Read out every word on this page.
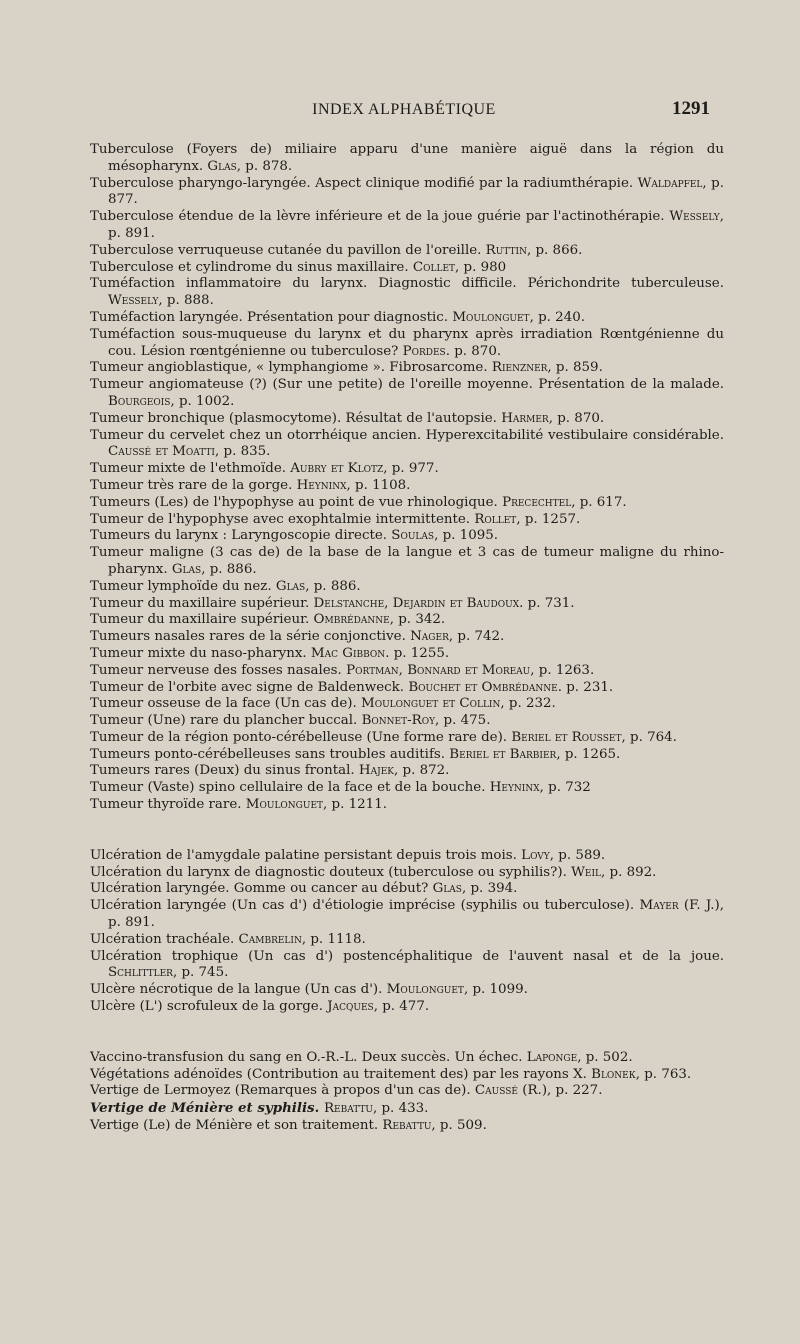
INDEX ALPHABÉTIQUE	1291

Tuberculose (Foyers de) miliaire apparu d'une manière aiguë dans la région du mésopharynx. Glas, p. 878.

Tuberculose pharyngo-laryngée. Aspect clinique modifié par la radiumthérapie. Waldapfel, p. 877.

Tuberculose étendue de la lèvre inférieure et de la joue guérie par l'actinothérapie. Wessely, p. 891.

Tuberculose verruqueuse cutanée du pavillon de l'oreille. Ruttin, p. 866.

Tuberculose et cylindrome du sinus maxillaire. Collet, p. 980

Tuméfaction inflammatoire du larynx. Diagnostic difficile. Périchondrite tuberculeuse. Wessely, p. 888.

Tuméfaction laryngée. Présentation pour diagnostic. Moulonguet, p. 240.

Tuméfaction sous-muqueuse du larynx et du pharynx après irradiation Rœntgénienne du cou. Lésion rœntgénienne ou tuberculose? Pordes. p. 870.

Tumeur angioblastique, « lymphangiome ». Fibrosarcome. Rienzner, p. 859.

Tumeur angiomateuse (?) (Sur une petite) de l'oreille moyenne. Présentation de la malade. Bourgeois, p. 1002.

Tumeur bronchique (plasmocytome). Résultat de l'autopsie. Harmer, p. 870.

Tumeur du cervelet chez un otorrhéique ancien. Hyperexcitabilité vestibulaire considérable. Caussé et Moatti, p. 835.

Tumeur mixte de l'ethmoïde. Aubry et Klotz, p. 977.

Tumeur très rare de la gorge. Heyninx, p. 1108.

Tumeurs (Les) de l'hypophyse au point de vue rhinologique. Precechtel, p. 617.

Tumeur de l'hypophyse avec exophtalmie intermittente. Rollet, p. 1257.

Tumeurs du larynx : Laryngoscopie directe. Soulas, p. 1095.

Tumeur maligne (3 cas de) de la base de la langue et 3 cas de tumeur maligne du rhino-pharynx. Glas, p. 886.

Tumeur lymphoïde du nez. Glas, p. 886.

Tumeur du maxillaire supérieur. Delstanche, Dejardin et Baudoux. p. 731.

Tumeur du maxillaire supérieur. Ombrédanne, p. 342.

Tumeurs nasales rares de la série conjonctive. Nager, p. 742.

Tumeur mixte du naso-pharynx. Mac Gibbon. p. 1255.

Tumeur nerveuse des fosses nasales. Portman, Bonnard et Moreau, p. 1263.

Tumeur de l'orbite avec signe de Baldenweck. Bouchet et Ombrédanne. p. 231.

Tumeur osseuse de la face (Un cas de). Moulonguet et Collin, p. 232.

Tumeur (Une) rare du plancher buccal. Bonnet-Roy, p. 475.

Tumeur de la région ponto-cérébelleuse (Une forme rare de). Beriel et Rousset, p. 764.

Tumeurs ponto-cérébelleuses sans troubles auditifs. Beriel et Barbier, p. 1265.

Tumeurs rares (Deux) du sinus frontal. Hajek, p. 872.

Tumeur (Vaste) spino cellulaire de la face et de la bouche. Heyninx, p. 732

Tumeur thyroïde rare. Moulonguet, p. 1211.

Ulcération de l'amygdale palatine persistant depuis trois mois. Lovy, p. 589.

Ulcération du larynx de diagnostic douteux (tuberculose ou syphilis?). Weil, p. 892.

Ulcération laryngée. Gomme ou cancer au début? Glas, p. 394.

Ulcération laryngée (Un cas d') d'étiologie imprécise (syphilis ou tuberculose). Mayer (F. J.), p. 891.

Ulcération trachéale. Cambrelin, p. 1118.

Ulcération trophique (Un cas d') postencéphalitique de l'auvent nasal et de la joue. Schlittler, p. 745.

Ulcère nécrotique de la langue (Un cas d'). Moulonguet, p. 1099.

Ulcère (L') scrofuleux de la gorge. Jacques, p. 477.

Vaccino-transfusion du sang en O.-R.-L. Deux succès. Un échec. Laponge, p. 502.

Végétations adénoïdes (Contribution au traitement des) par les rayons X. Bloneк, p. 763.

Vertige de Lermoyez (Remarques à propos d'un cas de). Caussé (R.), p. 227.

Vertige de Ménière et syphilis. Rebattu, p. 433.

Vertige (Le) de Ménière et son traitement. Rebattu, p. 509.
